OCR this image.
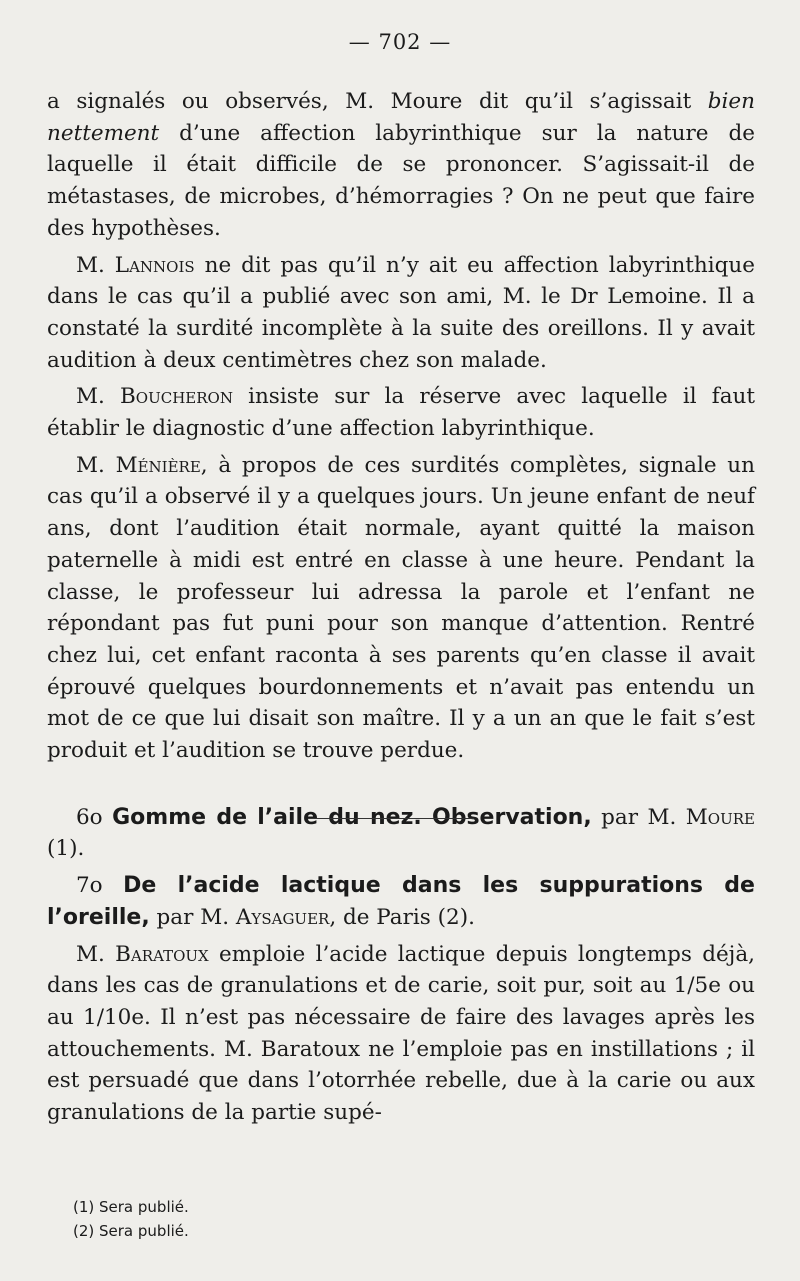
— 702 —

a signalés ou observés, M. Moure dit qu’il s’agissait bien nettement d’une affection labyrinthique sur la nature de laquelle il était difficile de se prononcer. S’agissait-il de métastases, de microbes, d’hémorragies ? On ne peut que faire des hypothèses.

M. Lannois ne dit pas qu’il n’y ait eu affection labyrinthique dans le cas qu’il a publié avec son ami, M. le Dr Lemoine. Il a constaté la surdité incomplète à la suite des oreillons. Il y avait audition à deux centimètres chez son malade.

M. Boucheron insiste sur la réserve avec laquelle il faut établir le diagnostic d’une affection labyrinthique.

M. Ménière, à propos de ces surdités complètes, signale un cas qu’il a observé il y a quelques jours. Un jeune enfant de neuf ans, dont l’audition était normale, ayant quitté la maison paternelle à midi est entré en classe à une heure. Pendant la classe, le professeur lui adressa la parole et l’enfant ne répondant pas fut puni pour son manque d’attention. Rentré chez lui, cet enfant raconta à ses parents qu’en classe il avait éprouvé quelques bourdonnements et n’avait pas entendu un mot de ce que lui disait son maître. Il y a un an que le fait s’est produit et l’audition se trouve perdue.

6o Gomme de l’aile du nez. Observation, par M. Moure (1).

7o De l’acide lactique dans les suppurations de l’oreille, par M. Aysaguer, de Paris (2).

M. Baratoux emploie l’acide lactique depuis longtemps déjà, dans les cas de granulations et de carie, soit pur, soit au 1/5e ou au 1/10e. Il n’est pas nécessaire de faire des lavages après les attouchements. M. Baratoux ne l’emploie pas en instillations ; il est persuadé que dans l’otorrhée rebelle, due à la carie ou aux granulations de la partie supé-

(1) Sera publié.
(2) Sera publié.
